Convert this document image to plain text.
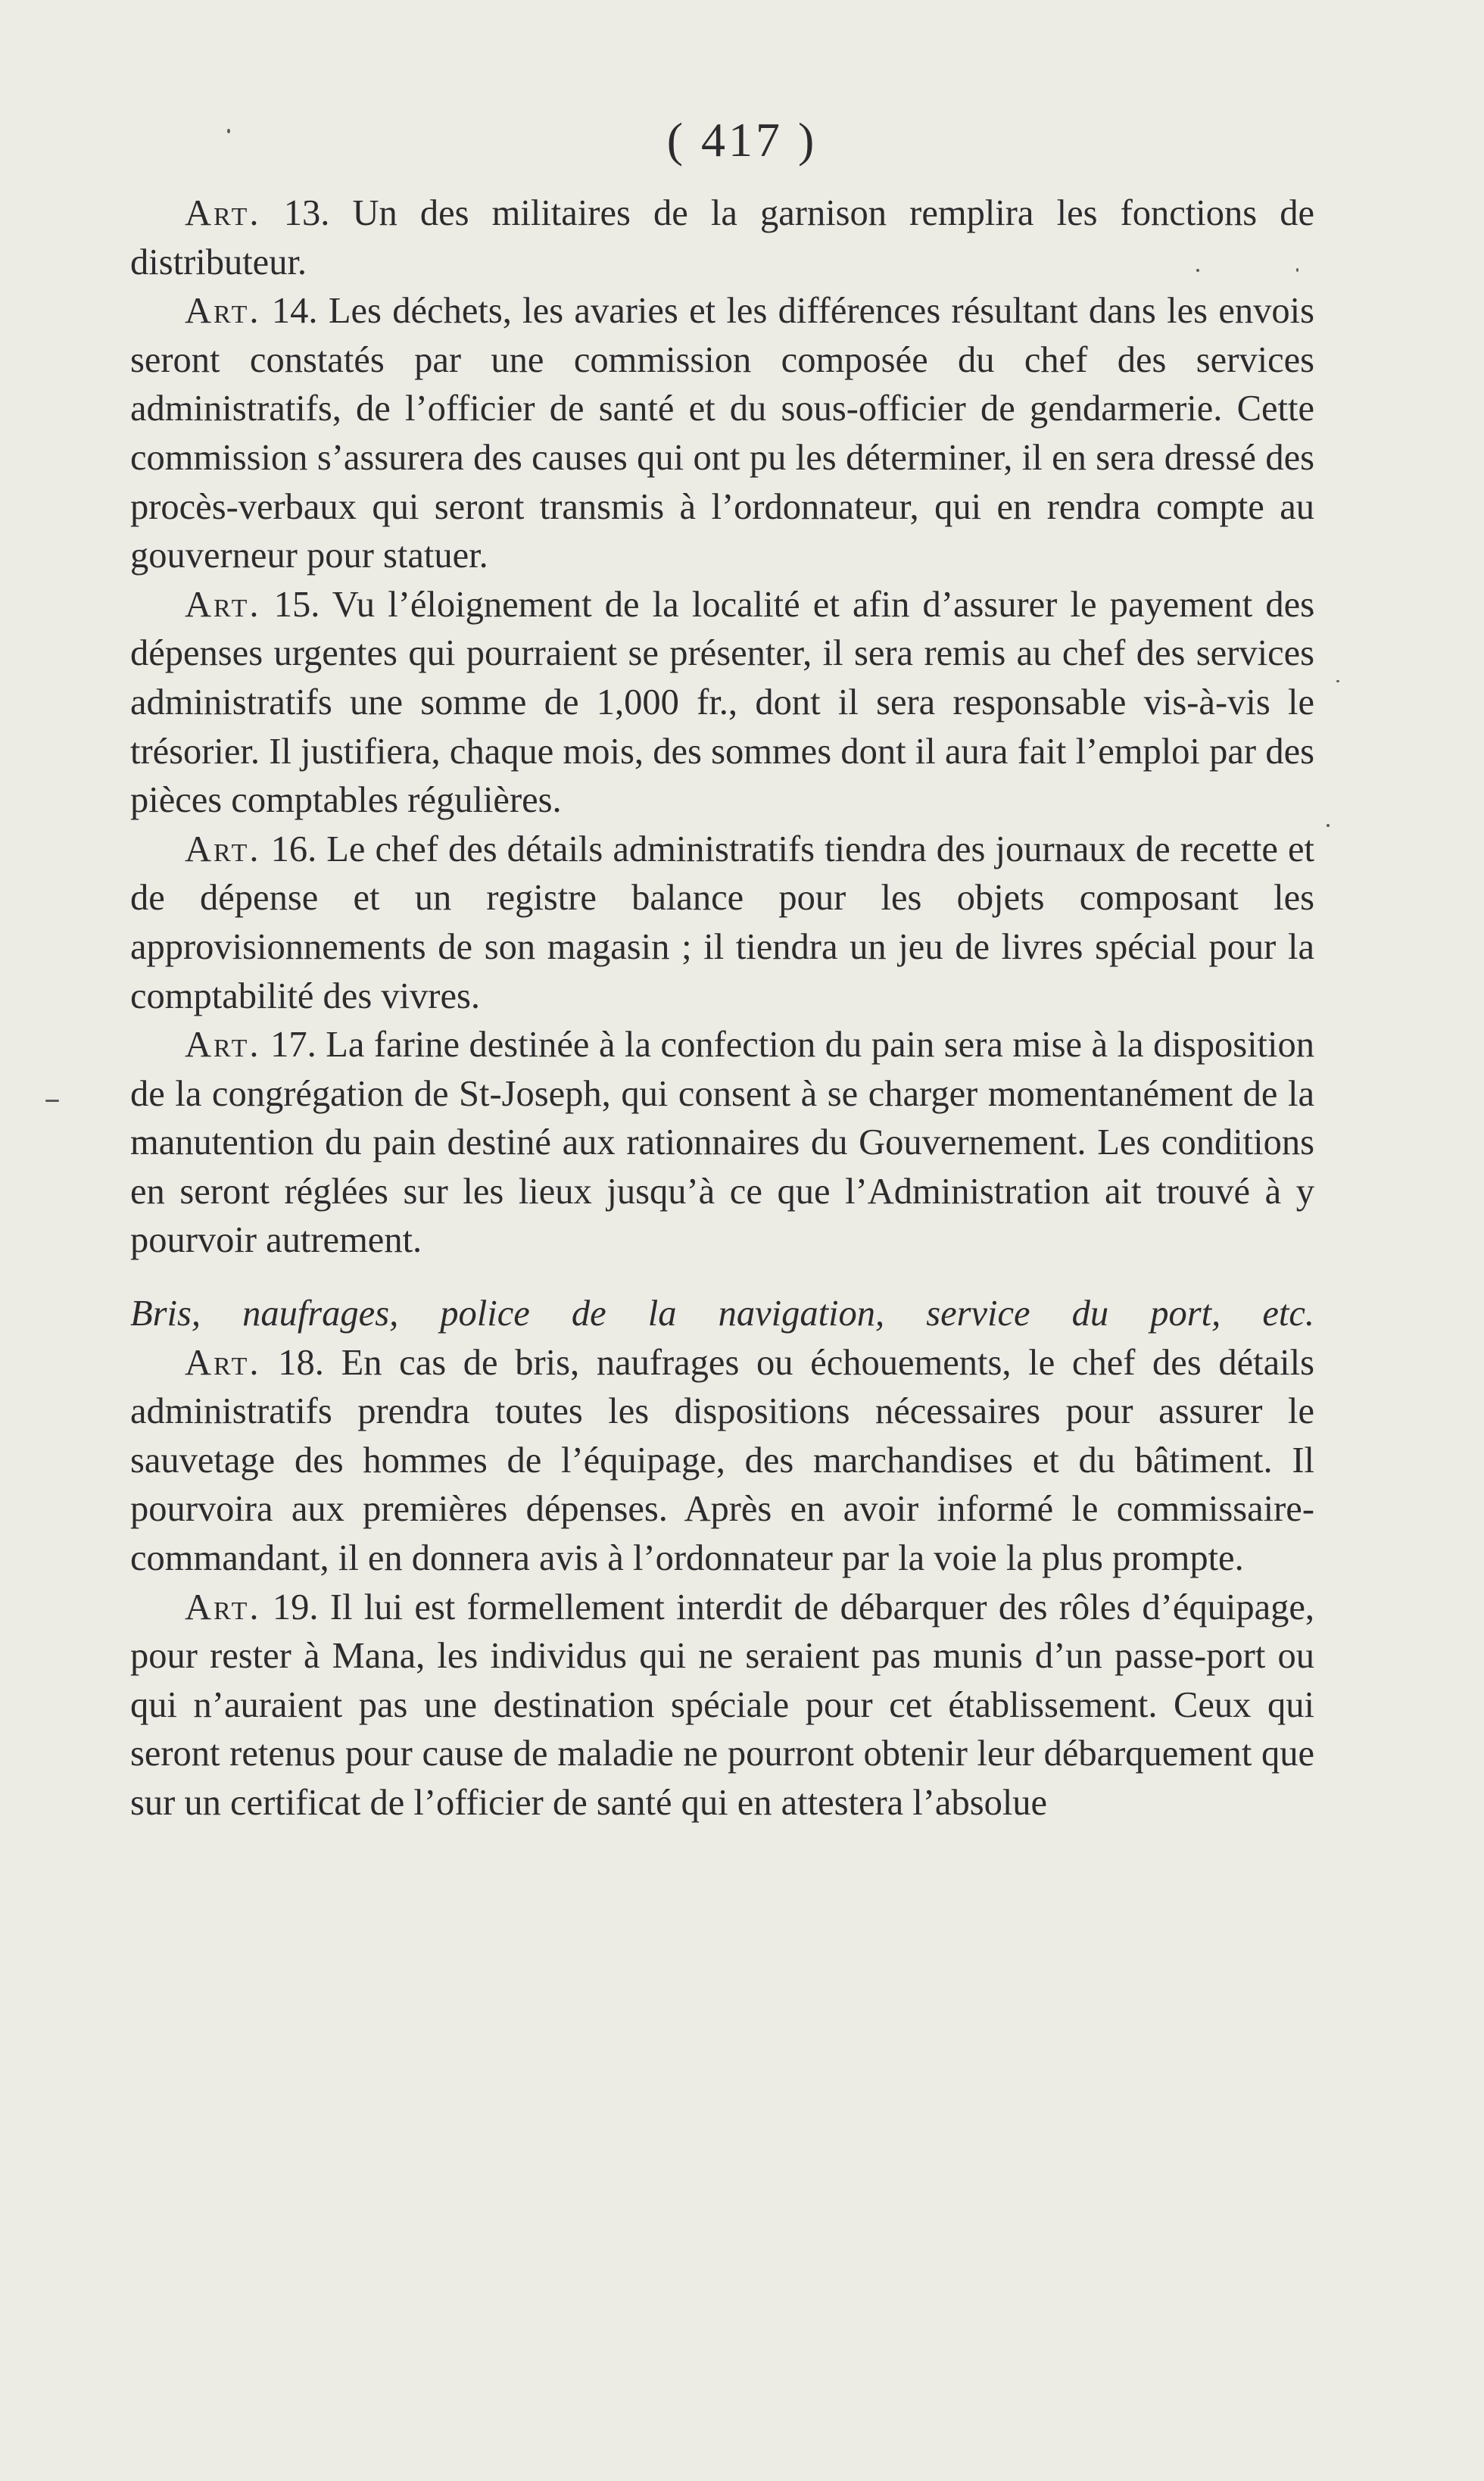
( 417 )

Art. 13. Un des militaires de la garnison remplira les fonctions de distributeur.

Art. 14. Les déchets, les avaries et les différences résultant dans les envois seront constatés par une commission composée du chef des services administratifs, de l’officier de santé et du sous-officier de gendarmerie. Cette commission s’assurera des causes qui ont pu les déterminer, il en sera dressé des procès-verbaux qui seront transmis à l’ordonnateur, qui en rendra compte au gouverneur pour statuer.

Art. 15. Vu l’éloignement de la localité et afin d’assurer le payement des dépenses urgentes qui pourraient se présenter, il sera remis au chef des services administratifs une somme de 1,000 fr., dont il sera responsable vis-à-vis le trésorier. Il justifiera, chaque mois, des sommes dont il aura fait l’emploi par des pièces comptables régulières.

Art. 16. Le chef des détails administratifs tiendra des journaux de recette et de dépense et un registre balance pour les objets composant les approvisionnements de son magasin ; il tiendra un jeu de livres spécial pour la comptabilité des vivres.

Art. 17. La farine destinée à la confection du pain sera mise à la disposition de la congrégation de St-Joseph, qui consent à se charger momentanément de la manutention du pain destiné aux rationnaires du Gouvernement. Les conditions en seront réglées sur les lieux jusqu’à ce que l’Administration ait trouvé à y pourvoir autrement.

Bris, naufrages, police de la navigation, service du port, etc.

Art. 18. En cas de bris, naufrages ou échouements, le chef des détails administratifs prendra toutes les dispositions nécessaires pour assurer le sauvetage des hommes de l’équipage, des marchandises et du bâtiment. Il pourvoira aux premières dépenses. Après en avoir informé le commissaire-commandant, il en donnera avis à l’ordonnateur par la voie la plus prompte.

Art. 19. Il lui est formellement interdit de débarquer des rôles d’équipage, pour rester à Mana, les individus qui ne seraient pas munis d’un passe-port ou qui n’auraient pas une destination spéciale pour cet établissement. Ceux qui seront retenus pour cause de maladie ne pourront obtenir leur débarquement que sur un certificat de l’officier de santé qui en attestera l’absolue
